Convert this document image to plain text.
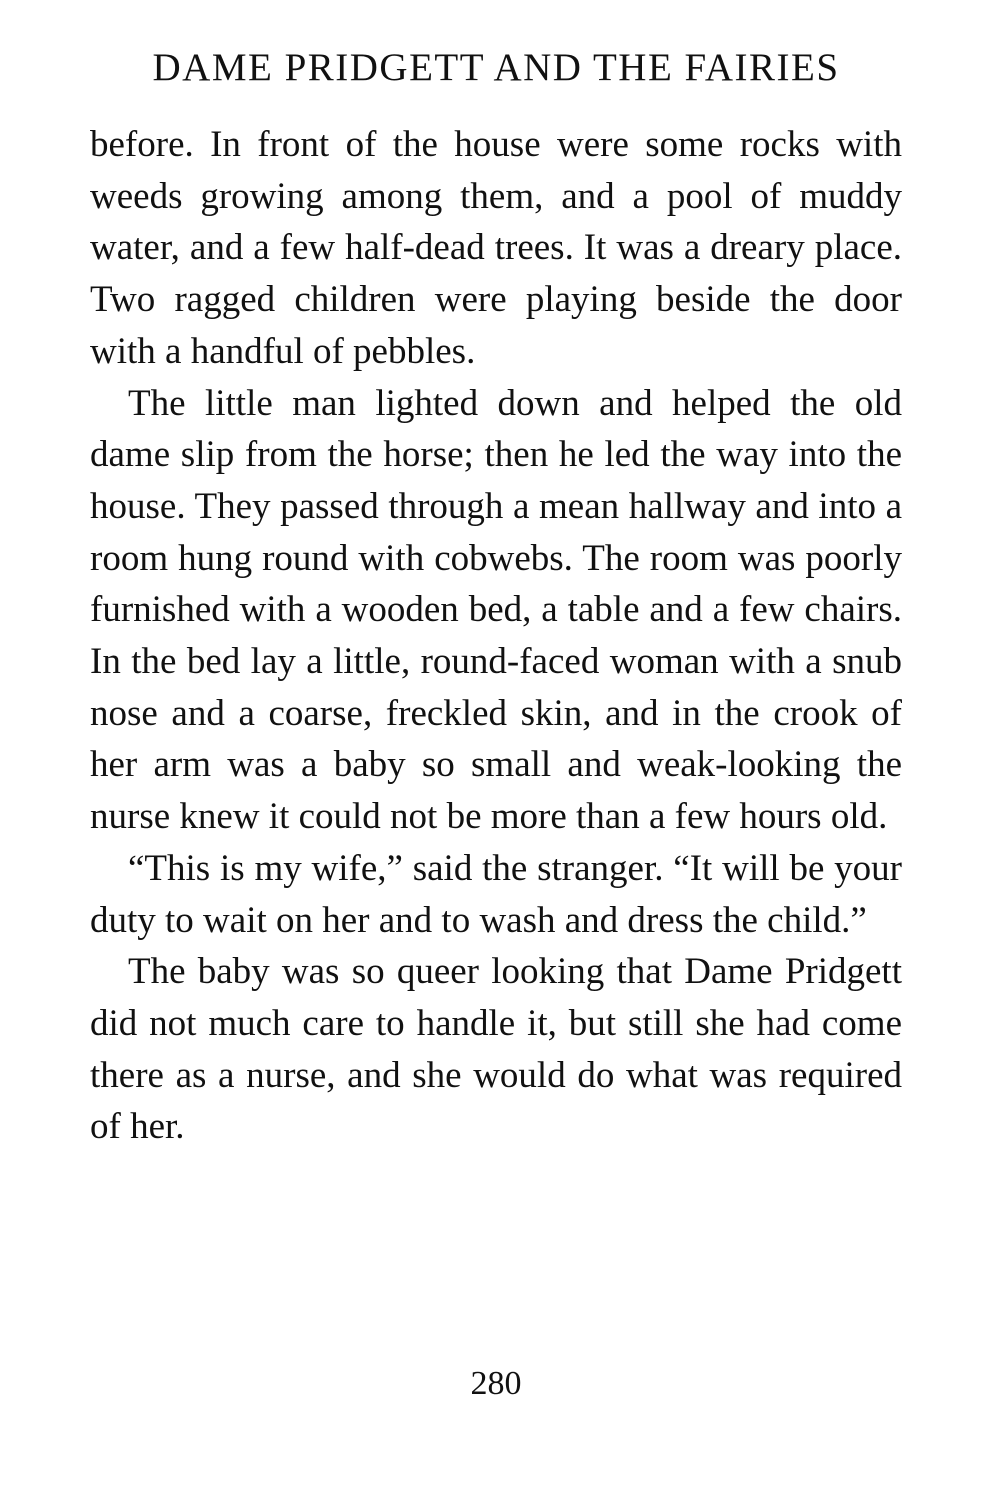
DAME PRIDGETT AND THE FAIRIES

before. In front of the house were some rocks with weeds growing among them, and a pool of muddy water, and a few half-dead trees. It was a dreary place. Two ragged children were playing beside the door with a handful of pebbles.

The little man lighted down and helped the old dame slip from the horse; then he led the way into the house. They passed through a mean hallway and into a room hung round with cobwebs. The room was poorly furnished with a wooden bed, a table and a few chairs. In the bed lay a little, round-faced woman with a snub nose and a coarse, freckled skin, and in the crook of her arm was a baby so small and weak-looking the nurse knew it could not be more than a few hours old.

“This is my wife,” said the stranger. “It will be your duty to wait on her and to wash and dress the child.”

The baby was so queer looking that Dame Pridgett did not much care to handle it, but still she had come there as a nurse, and she would do what was required of her.

280
